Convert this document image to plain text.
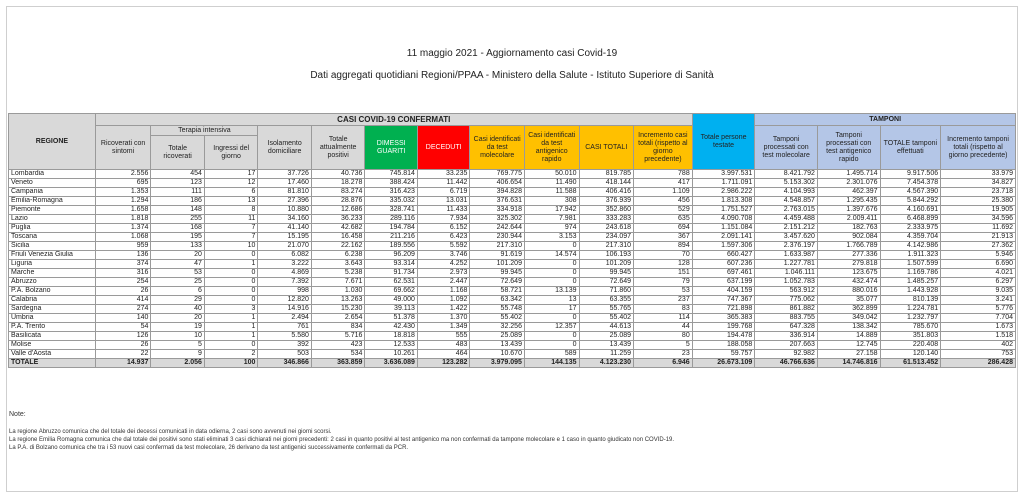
11 maggio 2021 - Aggiornamento casi Covid-19
Dati aggregati quotidiani Regioni/PPAA - Ministero della Salute - Istituto Superiore di Sanità
REGIONE	CASI COVID-19 CONFERMATI											Totale persone testate	TAMPONI			
	Ricoverati con sintomi	Terapia intensiva		Isolamento domiciliare	Totale attualmente positivi	DIMESSI GUARITI	DECEDUTI	Casi identificati da test molecolare	Casi identificati da test antigenico rapido	CASI TOTALI	Incremento casi totali (rispetto al giorno precedente)		Tamponi processati con test molecolare	Tamponi processati con test antigenico rapido	TOTALE tamponi effettuati	Incremento tamponi totali (rispetto al giorno precedente)
		Totale ricoverati	Ingressi del giorno													
Lombardia	2.556	454	17	37.726	40.736	745.814	33.235	769.775	50.010	819.785	788	3.997.531	8.421.792	1.495.714	9.917.506	33.979
Veneto	695	123	12	17.460	18.278	388.424	11.442	406.654	11.490	418.144	417	1.711.091	5.153.302	2.301.076	7.454.378	34.827
Campania	1.353	111	6	81.810	83.274	316.423	6.719	394.828	11.588	406.416	1.109	2.986.222	4.104.993	462.397	4.567.390	23.718
Emilia-Romagna	1.294	186	13	27.396	28.876	335.032	13.031	376.631	308	376.939	456	1.813.308	4.548.857	1.295.435	5.844.292	25.380
Piemonte	1.658	148	8	10.880	12.686	328.741	11.433	334.918	17.942	352.860	529	1.751.527	2.763.015	1.397.676	4.160.691	19.905
Lazio	1.818	255	11	34.160	36.233	289.116	7.934	325.302	7.981	333.283	635	4.090.708	4.459.488	2.009.411	6.468.899	34.596
Puglia	1.374	168	7	41.140	42.682	194.784	6.152	242.644	974	243.618	694	1.151.084	2.151.212	182.763	2.333.975	11.692
Toscana	1.068	195	7	15.195	16.458	211.216	6.423	230.944	3.153	234.097	367	2.091.141	3.457.620	902.084	4.359.704	21.913
Sicilia	959	133	10	21.070	22.162	189.556	5.592	217.310	0	217.310	894	1.597.306	2.376.197	1.766.789	4.142.986	27.362
Friuli Venezia Giulia	136	20	0	6.082	6.238	96.209	3.746	91.619	14.574	106.193	70	660.427	1.633.987	277.336	1.911.323	5.946
Liguria	374	47	1	3.222	3.643	93.314	4.252	101.209	0	101.209	128	607.236	1.227.781	279.818	1.507.599	6.690
Marche	316	53	0	4.869	5.238	91.734	2.973	99.945	0	99.945	151	697.461	1.046.111	123.675	1.169.786	4.021
Abruzzo	254	25	0	7.392	7.671	62.531	2.447	72.649	0	72.649	79	637.199	1.052.783	432.474	1.485.257	6.297
P.A. Bolzano	26	6	0	998	1.030	69.662	1.168	58.721	13.139	71.860	53	404.159	563.912	880.016	1.443.928	9.035
Calabria	414	29	0	12.820	13.263	49.000	1.092	63.342	13	63.355	237	747.367	775.062	35.077	810.139	3.241
Sardegna	274	40	3	14.916	15.230	39.113	1.422	55.748	17	55.765	83	721.898	861.882	362.899	1.224.781	5.776
Umbria	140	20	1	2.494	2.654	51.378	1.370	55.402	0	55.402	114	365.383	883.755	349.042	1.232.797	7.704
P.A. Trento	54	19	1	761	834	42.430	1.349	32.256	12.357	44.613	44	199.768	647.328	138.342	785.670	1.673
Basilicata	126	10	1	5.580	5.716	18.818	555	25.089	0	25.089	80	194.478	336.914	14.889	351.803	1.518
Molise	26	5	0	392	423	12.533	483	13.439	0	13.439	5	188.058	207.663	12.745	220.408	402
Valle d'Aosta	22	9	2	503	534	10.261	464	10.670	589	11.259	23	59.757	92.982	27.158	120.140	753
TOTALE	14.937	2.056	100	346.866	363.859	3.636.089	123.282	3.979.095	144.135	4.123.230	6.946	26.673.109	46.766.636	14.746.816	61.513.452	286.428
Note:
La regione Abruzzo comunica che del totale dei decessi comunicati in data odierna, 2 casi sono avvenuti nei giorni scorsi.
La regione Emilia Romagna comunica che dal totale dei positivi sono stati eliminati 3 casi dichiarati nei giorni precedenti: 2 casi in quanto positivi al test antigenico ma non confermati da tampone molecolare e 1 caso in quanto giudicato non COVID-19.
La P.A. di Bolzano comunica che tra i 53 nuovi casi confermati da test molecolare, 26 derivano da test antigenici successivamente confermati da PCR.
